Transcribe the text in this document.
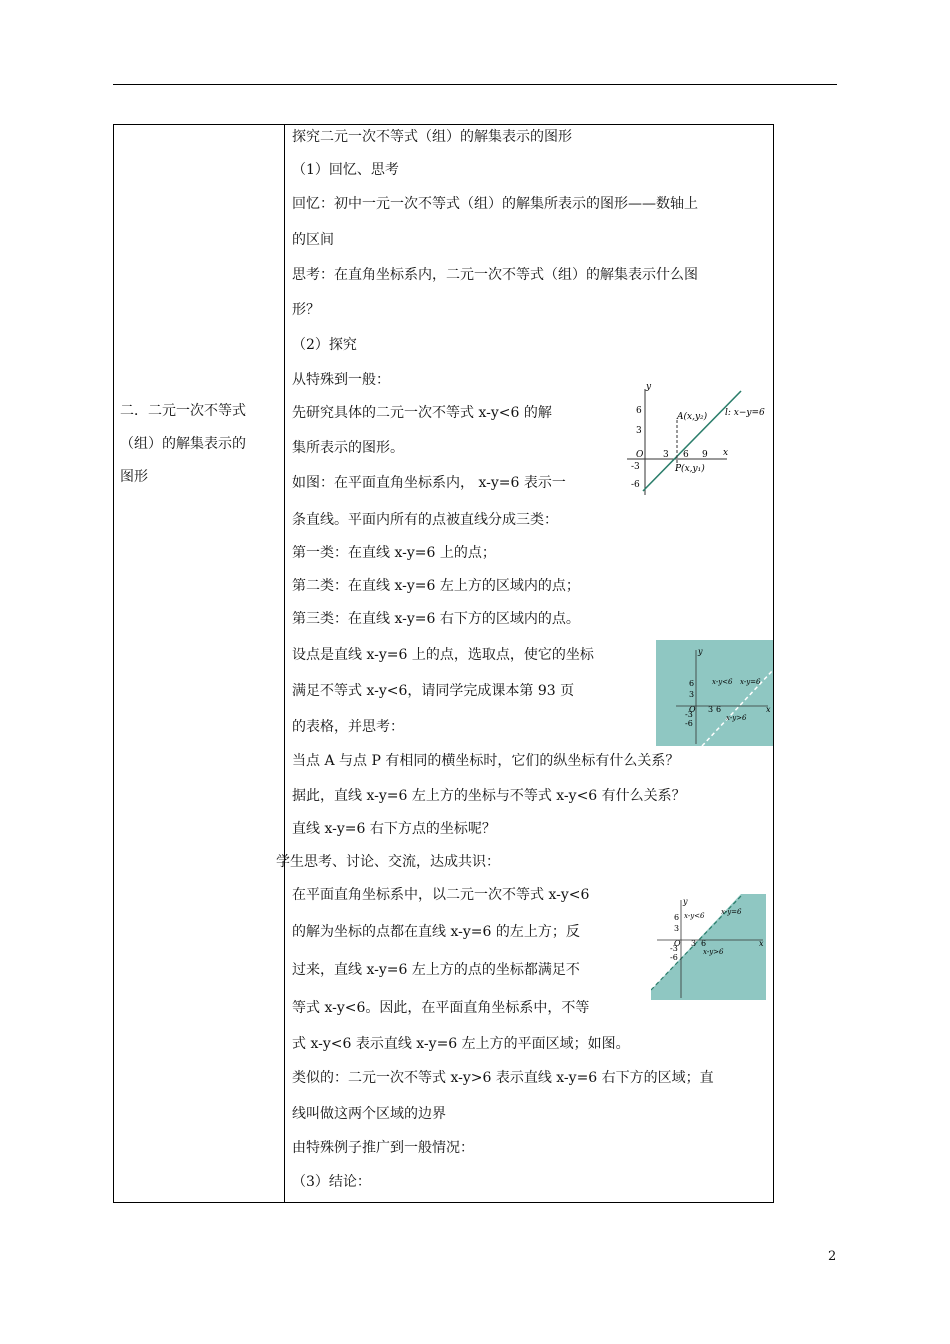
二．二元一次不等式
（组）的解集表示的
图形
探究二元一次不等式（组）的解集表示的图形
（1）回忆、思考
回忆：初中一元一次不等式（组）的解集所表示的图形——数轴上
的区间
思考：在直角坐标系内，二元一次不等式（组）的解集表示什么图
形？
（2）探究
从特殊到一般：
先研究具体的二元一次不等式 x-y<6 的解
集所表示的图形。
如图：在平面直角坐标系内， x-y=6 表示一
条直线。平面内所有的点被直线分成三类：
第一类：在直线 x-y=6 上的点；
第二类：在直线 x-y=6 左上方的区域内的点；
第三类：在直线 x-y=6 右下方的区域内的点。
设点是直线 x-y=6 上的点，选取点，使它的坐标
满足不等式 x-y<6，请同学完成课本第 93 页
的表格，并思考：
当点 A 与点 P 有相同的横坐标时，它们的纵坐标有什么关系？
据此，直线 x-y=6 左上方的坐标与不等式 x-y<6 有什么关系？
直线 x-y=6 右下方点的坐标呢？
学生思考、讨论、交流，达成共识：
在平面直角坐标系中，以二元一次不等式 x-y<6
的解为坐标的点都在直线 x-y=6 的左上方；反
过来，直线 x-y=6 左上方的点的坐标都满足不
等式 x-y<6。因此，在平面直角坐标系中，不等
式 x-y<6 表示直线 x-y=6 左上方的平面区域；如图。
类似的：二元一次不等式 x-y>6 表示直线 x-y=6 右下方的区域；直
线叫做这两个区域的边界
由特殊例子推广到一般情况：
（3）结论：
y
x
O
6
3
-3
-6
3 6 9
A(x,y₂)
P(x,y₁)
l: x−y=6
y
x
O
6
3
-3
-6
3 6
x-y<6 x-y=6
x-y>6
y
x
O
6
3
-3
-6
3 6
x-y<6 x-y=6
x-y>6
2
